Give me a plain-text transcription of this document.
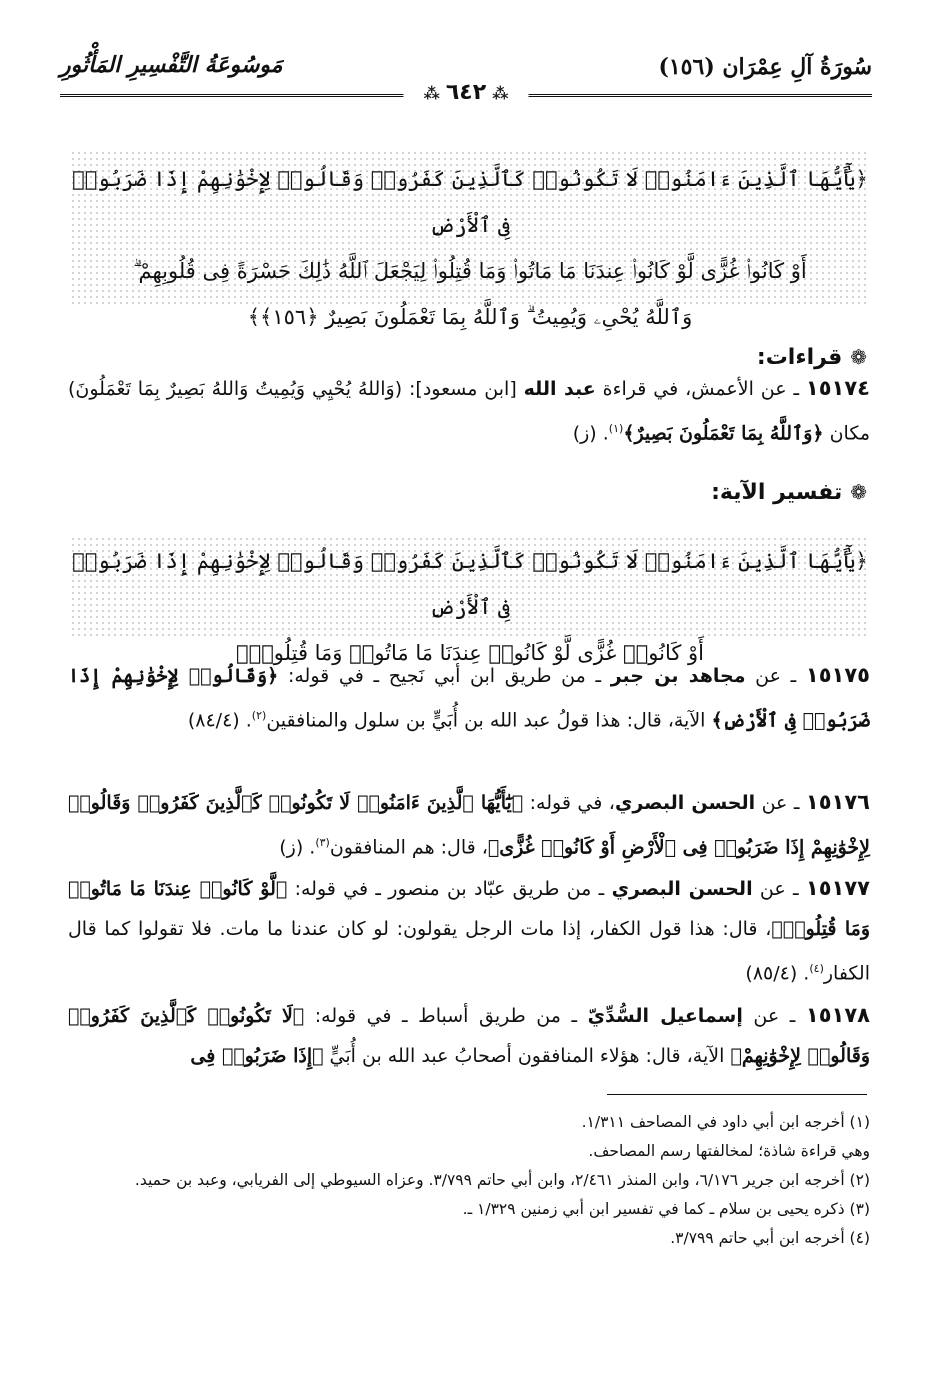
سُورَةُ آلِ عِمْرَان (١٥٦)
مَوسُوعَةُ التَّفْسِيرِ المَأْثُورِ
⁂ ٦٤٢ ⁂

﴿يَٰٓأَيُّهَا ٱلَّذِينَ ءَامَنُوا۟ لَا تَكُونُوا۟ كَٱلَّذِينَ كَفَرُوا۟ وَقَالُوا۟ لِإِخْوَٰنِهِمْ إِذَا ضَرَبُوا۟ فِى ٱلْأَرْضِ

أَوْ كَانُوا۟ غُزًّى لَّوْ كَانُوا۟ عِندَنَا مَا مَاتُوا۟ وَمَا قُتِلُوا۟ لِيَجْعَلَ ٱللَّهُ ذَٰلِكَ حَسْرَةً فِى قُلُوبِهِمْ ۗ

وَٱللَّهُ يُحْىِۦ وَيُمِيتُ ۗ وَٱللَّهُ بِمَا تَعْمَلُونَ بَصِيرٌ ﴿١٥٦﴾﴾

❁قراءات:
١٥١٧٤ ـ عن الأعمش، في قراءة عبد الله [ابن مسعود]: (وَاللهُ يُحْيِي وَيُمِيتُ وَاللهُ بَصِيرٌ بِمَا تَعْمَلُونَ) مكان ﴿وَٱللَّهُ بِمَا تَعْمَلُونَ بَصِيرٌ﴾$^{(١)}$. (ز)
❁تفسير الآية:

﴿يَٰٓأَيُّهَا ٱلَّذِينَ ءَامَنُوا۟ لَا تَكُونُوا۟ كَٱلَّذِينَ كَفَرُوا۟ وَقَالُوا۟ لِإِخْوَٰنِهِمْ إِذَا ضَرَبُوا۟ فِى ٱلْأَرْضِ

أَوْ كَانُوا۟ غُزًّى لَّوْ كَانُوا۟ عِندَنَا مَا مَاتُوا۟ وَمَا قُتِلُوا۟﴾

١٥١٧٥ ـ عن مجاهد بن جبر ـ من طريق ابن أبي نَجيح ـ في قوله: ﴿وَقَالُوا۟ لِإِخْوَٰنِهِمْ إِذَا ضَرَبُوا۟ فِى ٱلْأَرْضِ﴾ الآية، قال: هذا قولُ عبد الله بن أُبَيٍّ بن سلول والمنافقين$^{(٢)}$. (٨٤/٤)
١٥١٧٦ ـ عن الحسن البصري، في قوله: ﴿يَٰٓأَيُّهَا ٱلَّذِينَ ءَامَنُوا۟ لَا تَكُونُوا۟ كَٱلَّذِينَ كَفَرُوا۟ وَقَالُوا۟ لِإِخْوَٰنِهِمْ إِذَا ضَرَبُوا۟ فِى ٱلْأَرْضِ أَوْ كَانُوا۟ غُزًّى﴾، قال: هم المنافقون$^{(٣)}$. (ز)
١٥١٧٧ ـ عن الحسن البصري ـ من طريق عبّاد بن منصور ـ في قوله: ﴿لَّوْ كَانُوا۟ عِندَنَا مَا مَاتُوا۟ وَمَا قُتِلُوا۟﴾، قال: هذا قول الكفار، إذا مات الرجل يقولون: لو كان عندنا ما مات. فلا تقولوا كما قال الكفار$^{(٤)}$. (٨٥/٤)
١٥١٧٨ ـ عن إسماعيل السُّدِّيّ ـ من طريق أسباط ـ في قوله: ﴿لَا تَكُونُوا۟ كَٱلَّذِينَ كَفَرُوا۟ وَقَالُوا۟ لِإِخْوَٰنِهِمْ﴾ الآية، قال: هؤلاء المنافقون أصحابُ عبد الله بن أُبَيٍّ ﴿إِذَا ضَرَبُوا۟ فِى
(١) أخرجه ابن أبي داود في المصاحف ١/٣١١.
وهي قراءة شاذة؛ لمخالفتها رسم المصاحف.
(٢) أخرجه ابن جرير ٦/١٧٦، وابن المنذر ٢/٤٦١، وابن أبي حاتم ٣/٧٩٩. وعزاه السيوطي إلى الفريابي، وعبد بن حميد.
(٣) ذكره يحيى بن سلام ـ كما في تفسير ابن أبي زمنين ١/٣٢٩ ـ.
(٤) أخرجه ابن أبي حاتم ٣/٧٩٩.
